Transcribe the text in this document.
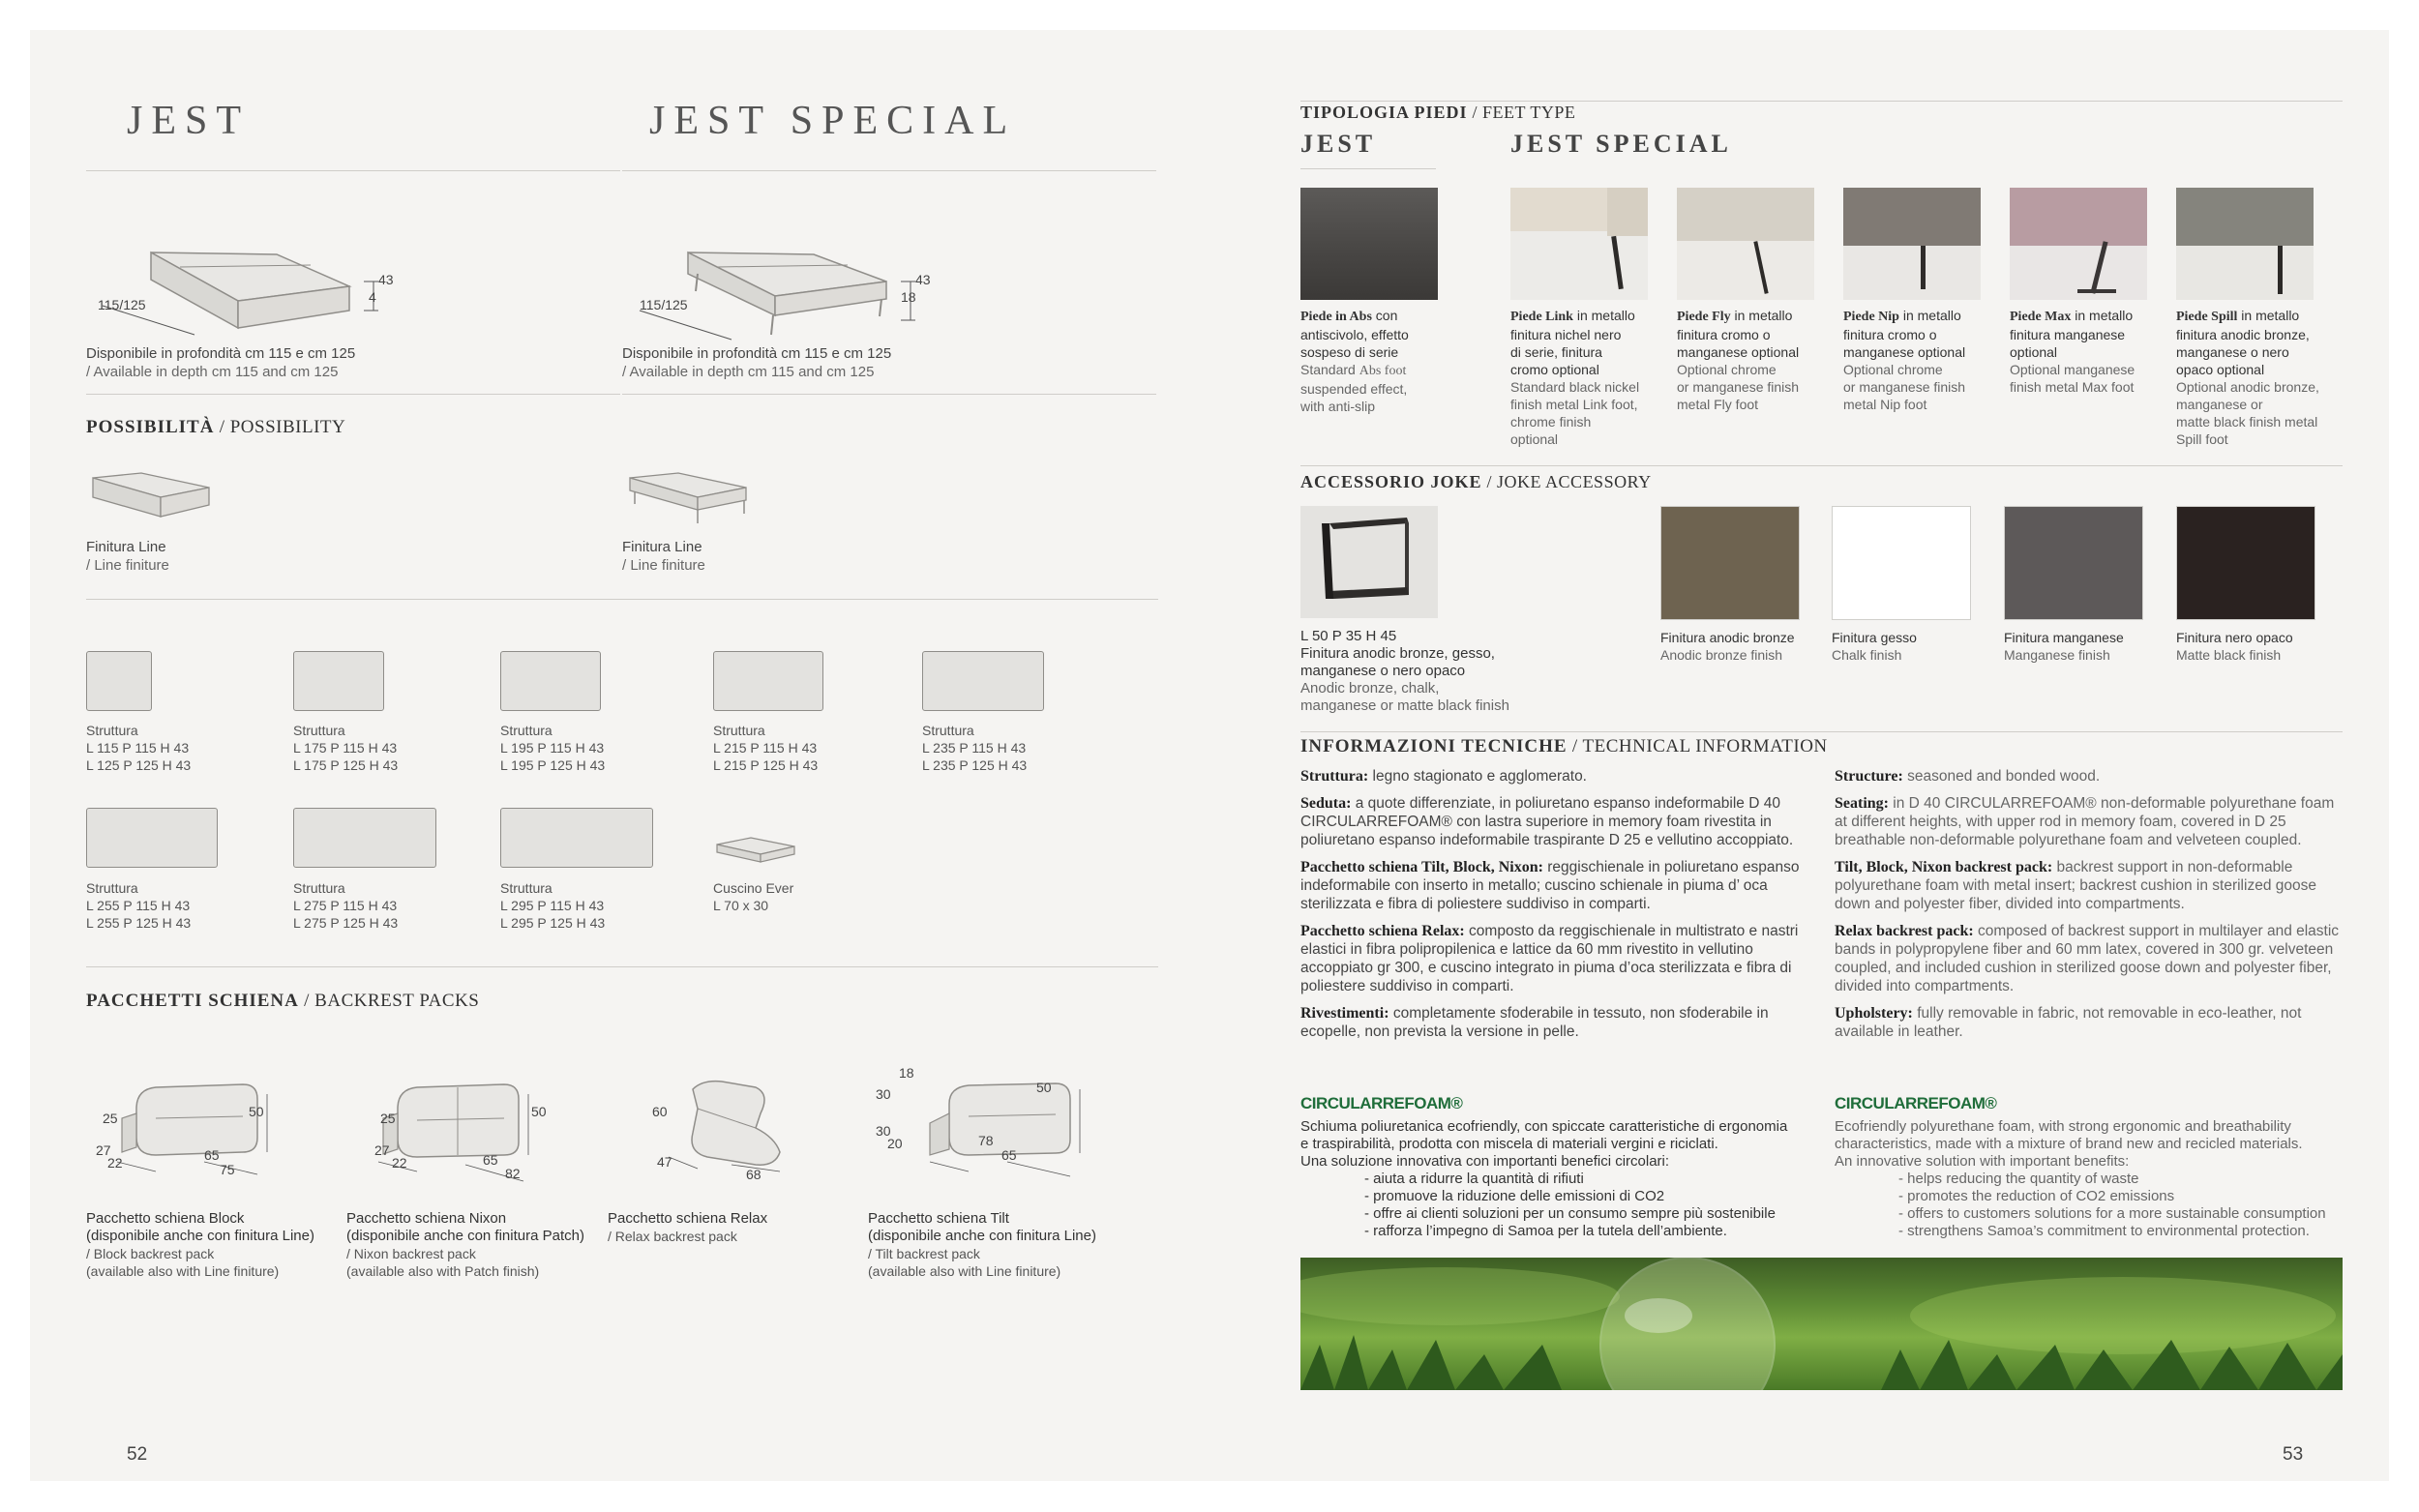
JEST	JEST SPECIAL
115/125
43
4	115/125
43
18
Disponibile in profondità cm 115 e cm 125
/ Available in depth cm 115 and cm 125
Disponibile in profondità cm 115 e cm 125
/ Available in depth cm 115 and cm 125
POSSIBILITÀ / POSSIBILITY
Finitura Line
/ Line finiture
Finitura Line
/ Line finiture
Struttura
L 115 P 115 H 43
L 125 P 125 H 43
Struttura
L 175 P 115 H 43
L 175 P 125 H 43
Struttura
L 195 P 115 H 43
L 195 P 125 H 43
Struttura
L 215 P 115 H 43
L 215 P 125 H 43
Struttura
L 235 P 115 H 43
L 235 P 125 H 43
Struttura
L 255 P 115 H 43
L 255 P 125 H 43
Struttura
L 275 P 115 H 43
L 275 P 125 H 43
Struttura
L 295 P 115 H 43
L 295 P 125 H 43
Cuscino Ever
L 70 x 30
PACCHETTI SCHIENA / BACKREST PACKS
25	50
27
22	65
75
25	50
27
22	65
82
60
47
68
18
30	50
30
20	78
65
Pacchetto schiena Block
(disponibile anche con finitura Line)
/ Block backrest pack
(available also with Line finiture)
Pacchetto schiena Nixon
(disponibile anche con finitura Patch)
/ Nixon backrest pack
(available also with Patch finish)
Pacchetto schiena Relax
/ Relax backrest pack
Pacchetto schiena Tilt
(disponibile anche con finitura Line)
/ Tilt backrest pack
(available also with Line finiture)
52
TIPOLOGIA PIEDI / FEET TYPE
JEST	JEST SPECIAL
Piede in Abs con
antiscivolo, effetto
sospeso di serie
Standard Abs foot
suspended effect,
with anti-slip
Piede Link in metallo
finitura nichel nero
di serie, finitura
cromo optional
Standard black nickel
finish metal Link foot,
chrome finish
optional
Piede Fly in metallo
finitura cromo o
manganese optional
Optional chrome
or manganese finish
metal Fly foot
Piede Nip in metallo
finitura cromo o
manganese optional
Optional chrome
or manganese finish
metal Nip foot
Piede Max in metallo
finitura manganese
optional
Optional manganese
finish metal Max foot
Piede Spill in metallo
finitura anodic bronze,
manganese o nero
opaco optional
Optional anodic bronze,
manganese or
matte black finish metal
Spill foot
ACCESSORIO JOKE / JOKE ACCESSORY
L 50 P 35 H 45
Finitura anodic bronze, gesso,
manganese o nero opaco
Anodic bronze, chalk,
manganese or matte black finish
Finitura anodic bronze
Anodic bronze finish
Finitura gesso
Chalk finish
Finitura manganese
Manganese finish
Finitura nero opaco
Matte black finish
INFORMAZIONI TECNICHE / TECHNICAL INFORMATION

Struttura: legno stagionato e agglomerato.

Seduta: a quote differenziate, in poliuretano espanso indeformabile D 40 CIRCULARREFOAM® con lastra superiore in memory foam rivestita in poliuretano espanso indeformabile traspirante D 25 e vellutino accoppiato.

Pacchetto schiena Tilt, Block, Nixon: reggischienale in poliuretano espanso indeformabile con inserto in metallo; cuscino schienale in piuma d’ oca sterilizzata e fibra di poliestere suddiviso in comparti.

Pacchetto schiena Relax: composto da reggischienale in multistrato e nastri elastici in fibra polipropilenica e lattice da 60 mm rivestito in vellutino accoppiato gr 300, e cuscino integrato in piuma d’oca sterilizzata e fibra di poliestere suddiviso in comparti.

Rivestimenti: completamente sfoderabile in tessuto, non sfoderabile in ecopelle, non prevista la versione in pelle.

Structure: seasoned and bonded wood.

Seating: in D 40 CIRCULARREFOAM® non-deformable polyurethane foam at different heights, with upper rod in memory foam, covered in D 25 breathable non-deformable polyurethane foam and velveteen coupled.

Tilt, Block, Nixon backrest pack: backrest support in non-deformable polyurethane foam with metal insert; backrest cushion in sterilized goose down and polyester fiber, divided into compartments.

Relax backrest pack: composed of backrest support in multilayer and elastic bands in polypropylene fiber and 60 mm latex, covered in 300 gr. velveteen coupled, and included cushion in sterilized goose down and polyester fiber, divided into compartments.

Upholstery: fully removable in fabric, not removable in eco-leather, not available in leather.

CIRCULARREFOAM®	CIRCULARREFOAM®
Schiuma poliuretanica ecofriendly, con spiccate caratteristiche di ergonomia
e traspirabilità, prodotta con miscela di materiali vergini e riciclati.
Una soluzione innovativa con importanti benefici circolari:
- aiuta a ridurre la quantità di rifiuti
- promuove la riduzione delle emissioni di CO2
- offre ai clienti soluzioni per un consumo sempre più sostenibile
- rafforza l’impegno di Samoa per la tutela dell’ambiente.
Ecofriendly polyurethane foam, with strong ergonomic and breathability
characteristics, made with a mixture of brand new and recicled materials.
An innovative solution with important benefits:
- helps reducing the quantity of waste
- promotes the reduction of CO2 emissions
- offers to customers solutions for a more sustainable consumption
- strengthens Samoa’s commitment to environmental protection.
53
